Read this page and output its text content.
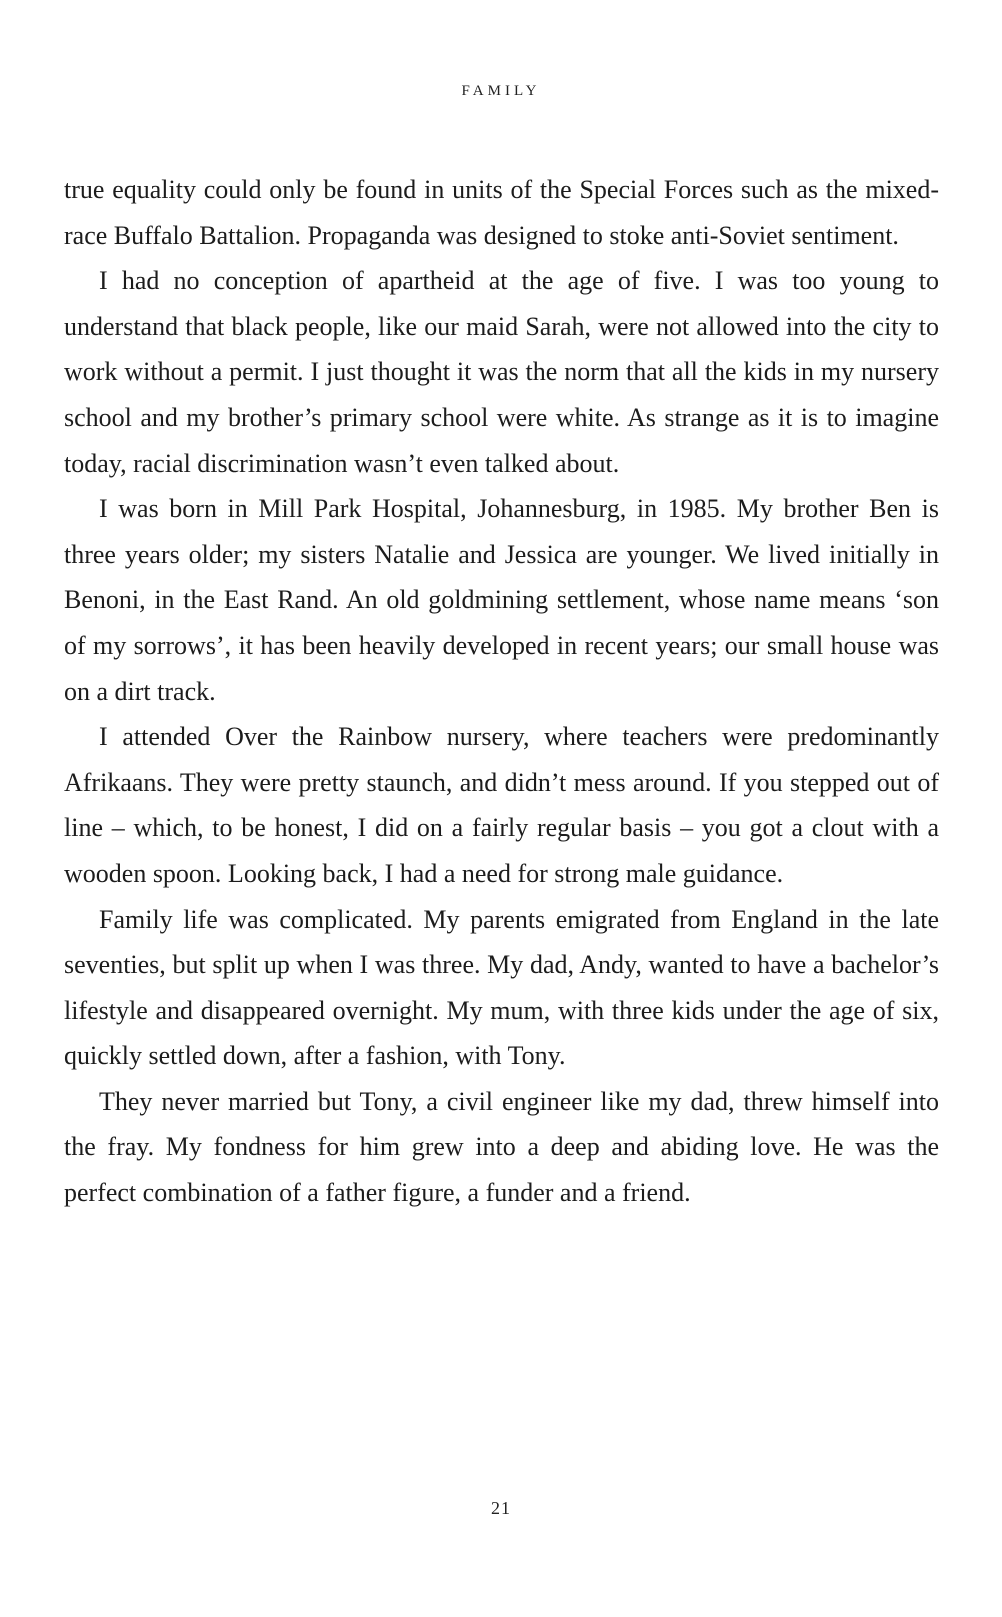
FAMILY

true equality could only be found in units of the Special Forces such as the mixed-race Buffalo Battalion. Propaganda was designed to stoke anti-Soviet sentiment.

I had no conception of apartheid at the age of five. I was too young to understand that black people, like our maid Sarah, were not allowed into the city to work without a permit. I just thought it was the norm that all the kids in my nursery school and my brother’s primary school were white. As strange as it is to imagine today, racial discrimination wasn’t even talked about.

I was born in Mill Park Hospital, Johannesburg, in 1985. My brother Ben is three years older; my sisters Natalie and Jessica are younger. We lived initially in Benoni, in the East Rand. An old goldmining settlement, whose name means ‘son of my sorrows’, it has been heavily developed in recent years; our small house was on a dirt track.

I attended Over the Rainbow nursery, where teachers were predominantly Afrikaans. They were pretty staunch, and didn’t mess around. If you stepped out of line – which, to be honest, I did on a fairly regular basis – you got a clout with a wooden spoon. Looking back, I had a need for strong male guidance.

Family life was complicated. My parents emigrated from England in the late seventies, but split up when I was three. My dad, Andy, wanted to have a bachelor’s lifestyle and disappeared overnight. My mum, with three kids under the age of six, quickly settled down, after a fashion, with Tony.

They never married but Tony, a civil engineer like my dad, threw himself into the fray. My fondness for him grew into a deep and abiding love. He was the perfect combination of a father figure, a funder and a friend.

21
